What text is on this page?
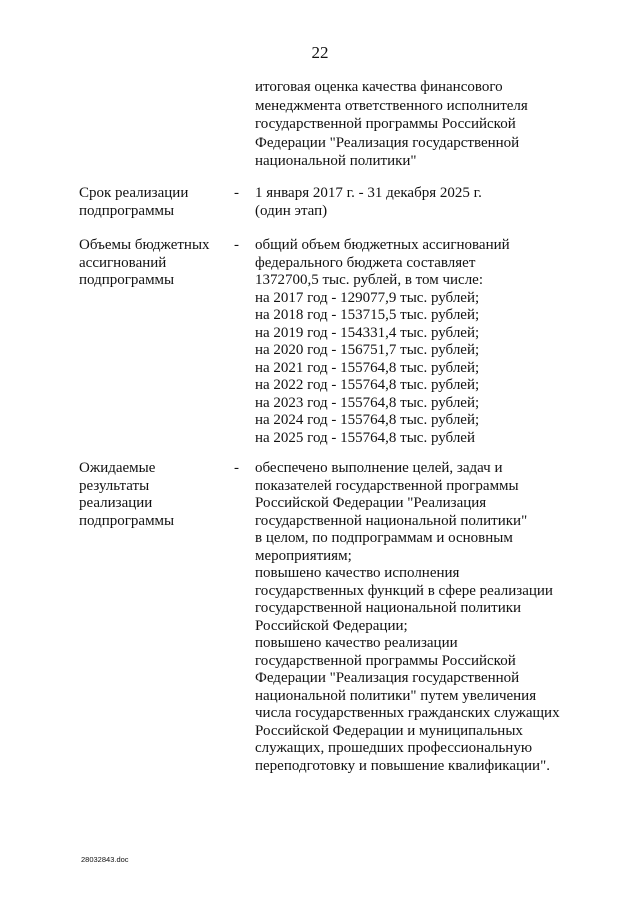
22
итоговая оценка качества финансового
менеджмента ответственного исполнителя
государственной программы Российской
Федерации "Реализация государственной
национальной политики"
Срок реализации
подпрограммы
- 1 января 2017 г. - 31 декабря 2025 г.
(один этап)
Объемы бюджетных
ассигнований
подпрограммы
- общий объем бюджетных ассигнований
федерального бюджета составляет
1372700,5 тыс. рублей, в том числе:
на 2017 год - 129077,9 тыс. рублей;
на 2018 год - 153715,5 тыс. рублей;
на 2019 год - 154331,4 тыс. рублей;
на 2020 год - 156751,7 тыс. рублей;
на 2021 год - 155764,8 тыс. рублей;
на 2022 год - 155764,8 тыс. рублей;
на 2023 год - 155764,8 тыс. рублей;
на 2024 год - 155764,8 тыс. рублей;
на 2025 год - 155764,8 тыс. рублей
Ожидаемые
результаты
реализации
подпрограммы
- обеспечено выполнение целей, задач и
показателей государственной программы
Российской Федерации "Реализация
государственной национальной политики"
в целом, по подпрограммам и основным
мероприятиям;
повышено качество исполнения
государственных функций в сфере реализации
государственной национальной политики
Российской Федерации;
повышено качество реализации
государственной программы Российской
Федерации "Реализация государственной
национальной политики" путем увеличения
числа государственных гражданских служащих
Российской Федерации и муниципальных
служащих, прошедших профессиональную
переподготовку и повышение квалификации".
28032843.doc
